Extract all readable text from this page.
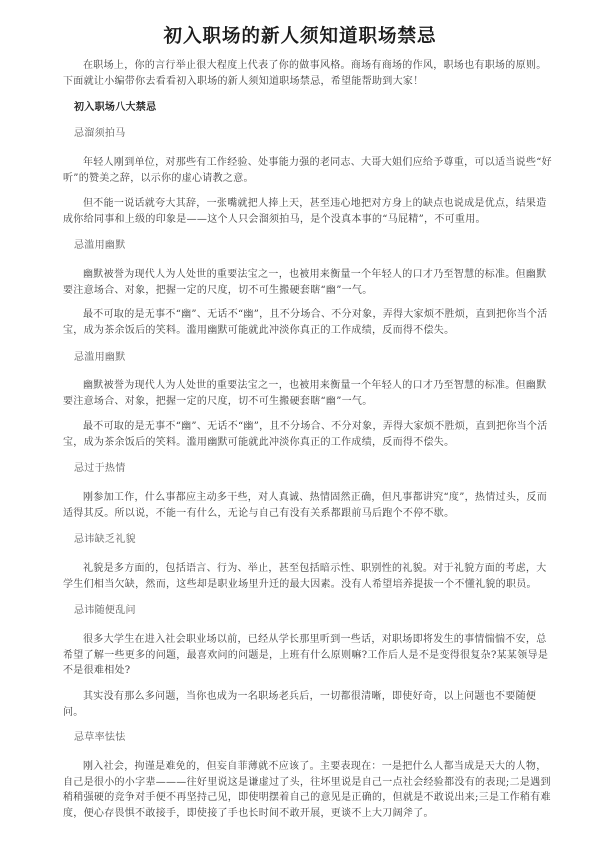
初入职场的新人须知道职场禁忌

在职场上，你的言行举止很大程度上代表了你的做事风格。商场有商场的作风，职场也有职场的原则。下面就让小编带你去看看初入职场的新人须知道职场禁忌，希望能帮助到大家！

初入职场八大禁忌

忌溜须拍马

年轻人刚到单位，对那些有工作经验、处事能力强的老同志、大哥大姐们应给予尊重，可以适当说些“好听”的赞美之辞，以示你的虚心请教之意。

但不能一说话就夸大其辞，一张嘴就把人捧上天，甚至违心地把对方身上的缺点也说成是优点，结果造成你给同事和上级的印象是——这个人只会溜须拍马，是个没真本事的“马屁精”，不可重用。

忌滥用幽默

幽默被誉为现代人为人处世的重要法宝之一，也被用来衡量一个年轻人的口才乃至智慧的标准。但幽默要注意场合、对象，把握一定的尺度，切不可生搬硬套瞎“幽”一气。

最不可取的是无事不“幽”、无话不“幽”，且不分场合、不分对象，弄得大家烦不胜烦，直到把你当个活宝，成为茶余饭后的笑料。滥用幽默可能就此冲淡你真正的工作成绩，反而得不偿失。

忌滥用幽默

幽默被誉为现代人为人处世的重要法宝之一，也被用来衡量一个年轻人的口才乃至智慧的标准。但幽默要注意场合、对象，把握一定的尺度，切不可生搬硬套瞎“幽”一气。

最不可取的是无事不“幽”、无话不“幽”，且不分场合、不分对象，弄得大家烦不胜烦，直到把你当个活宝，成为茶余饭后的笑料。滥用幽默可能就此冲淡你真正的工作成绩，反而得不偿失。

忌过于热情

刚参加工作，什么事都应主动多干些，对人真诚、热情固然正确，但凡事都讲究“度”，热情过头，反而适得其反。所以说，不能一有什么，无论与自己有没有关系都跟前马后跑个不停不歇。

忌讳缺乏礼貌

礼貌是多方面的，包括语言、行为、举止，甚至包括暗示性、职别性的礼貌。对于礼貌方面的考虑，大学生们相当欠缺，然而，这些却是职业场里升迁的最大因素。没有人希望培养提拔一个不懂礼貌的职员。

忌讳随便乱问

很多大学生在进入社会职业场以前，已经从学长那里听到一些话，对职场即将发生的事情惴惴不安，总希望了解一些更多的问题，最喜欢问的问题是，上班有什么原则嘛?工作后人是不是变得很复杂?某某领导是不是很难相处?

其实没有那么多问题，当你也成为一名职场老兵后，一切都很清晰，即使好奇，以上问题也不要随便问。

忌草率怯怯

刚入社会，拘谨是难免的，但妄自菲薄就不应该了。主要表现在：一是把什么人都当成是天大的人物，自己是很小的小字辈———往好里说这是谦虚过了头，往坏里说是自己一点社会经验都没有的表现;二是遇到稍稍强硬的竞争对手便不再坚持己见，即使明摆着自己的意见是正确的，但就是不敢说出来;三是工作稍有难度，便心存畏惧不敢接手，即使接了手也长时间不敢开展，更谈不上大刀阔斧了。
